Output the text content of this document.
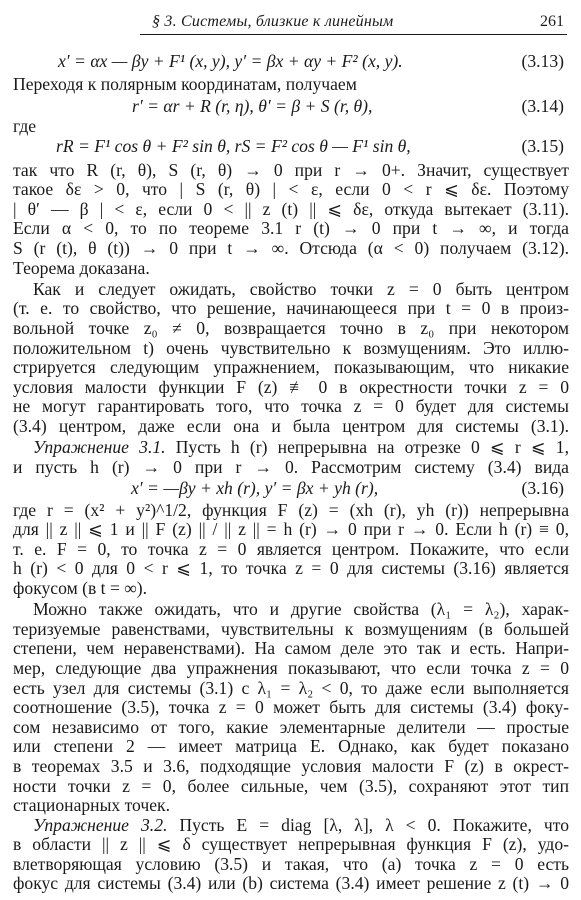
§ 3. Системы, близкие к линейным	261
x′ = αx — βy + F¹ (x, y), y′ = βx + αy + F² (x, y).	(3.13)
Переходя к полярным координатам, получаем
r′ = αr + R (r, η), θ′ = β + S (r, θ),	(3.14)
где
rR = F¹ cos θ + F² sin θ, rS = F² cos θ — F¹ sin θ,	(3.15)
так что R (r, θ), S (r, θ) → 0 при r → 0+. Значит, существует
такое δε > 0, что | S (r, θ) | < ε, если 0 < r ⩽ δε. Поэтому
| θ′ — β | < ε, если 0 < || z (t) || ⩽ δε, откуда вытекает (3.11).
Если α < 0, то по теореме 3.1 r (t) → 0 при t → ∞, и тогда
S (r (t), θ (t)) → 0 при t → ∞. Отсюда (α < 0) получаем (3.12).
Теорема доказана.
Как и следует ожидать, свойство точки z = 0 быть центром
(т. е. то свойство, что решение, начинающееся при t = 0 в произ-
вольной точке z₀ ≠ 0, возвращается точно в z₀ при некотором
положительном t) очень чувствительно к возмущениям. Это иллю-
стрируется следующим упражнением, показывающим, что никакие
условия малости функции F (z) ≢ 0 в окрестности точки z = 0
не могут гарантировать того, что точка z = 0 будет для системы
(3.4) центром, даже если она и была центром для системы (3.1).
Упражнение 3.1. Пусть h (r) непрерывна на отрезке 0 ⩽ r ⩽ 1,
и пусть h (r) → 0 при r → 0. Рассмотрим систему (3.4) вида
x′ = —βy + xh (r), y′ = βx + yh (r),	(3.16)
где r = (x² + y²)^1/2, функция F (z) = (xh (r), yh (r)) непрерывна
для || z || ⩽ 1 и || F (z) || / || z || = h (r) → 0 при r → 0. Если h (r) ≡ 0,
т. е. F = 0, то точка z = 0 является центром. Покажите, что если
h (r) < 0 для 0 < r ⩽ 1, то точка z = 0 для системы (3.16) является
фокусом (в t = ∞).
Можно также ожидать, что и другие свойства (λ₁ = λ₂), харак-
теризуемые равенствами, чувствительны к возмущениям (в большей
степени, чем неравенствами). На самом деле это так и есть. Напри-
мер, следующие два упражнения показывают, что если точка z = 0
есть узел для системы (3.1) с λ₁ = λ₂ < 0, то даже если выполняется
соотношение (3.5), точка z = 0 может быть для системы (3.4) фоку-
сом независимо от того, какие элементарные делители — простые
или степени 2 — имеет матрица E. Однако, как будет показано
в теоремах 3.5 и 3.6, подходящие условия малости F (z) в окрест-
ности точки z = 0, более сильные, чем (3.5), сохраняют этот тип
стационарных точек.
Упражнение 3.2. Пусть E = diag [λ, λ], λ < 0. Покажите, что
в области || z || ⩽ δ существует непрерывная функция F (z), удо-
влетворяющая условию (3.5) и такая, что (a) точка z = 0 есть
фокус для системы (3.4) или (b) система (3.4) имеет решение z (t) → 0
